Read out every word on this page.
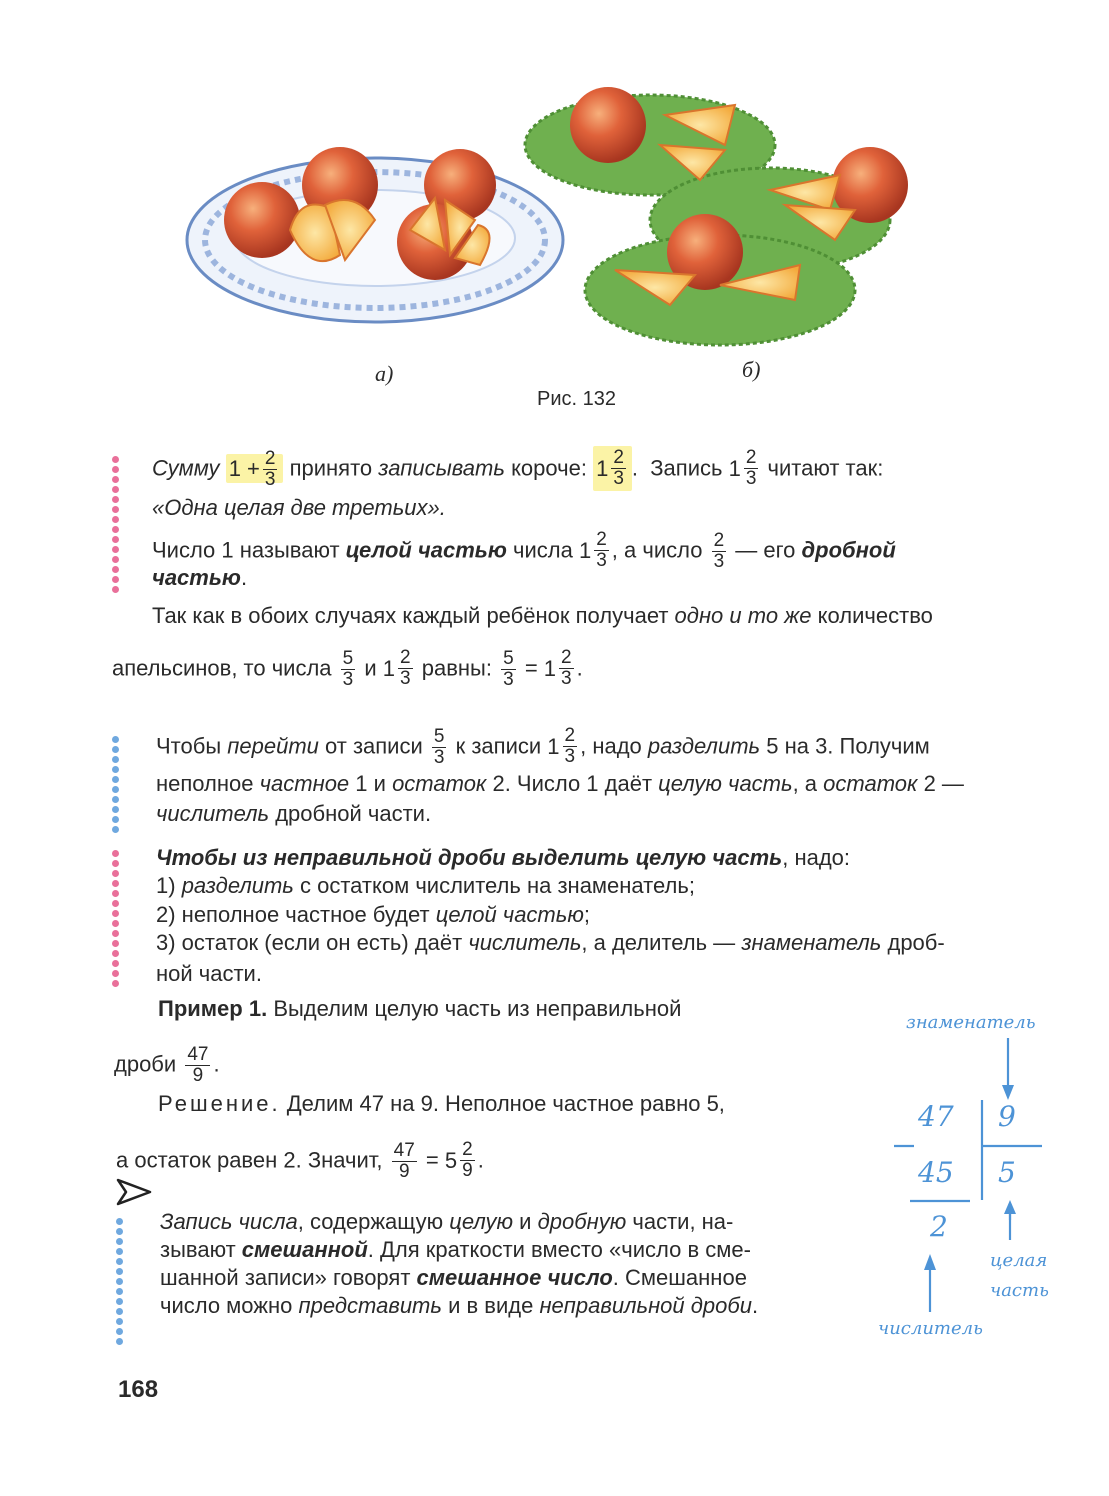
а)	б)
Рис. 132
Сумму $1 + \frac{2}{3}$ принято записывать короче: $1 \frac{2}{3}$ .  Запись $1 \frac{2}{3}$ читают так:
«Одна целая две третьих».
Число 1 называют целой частью числа $1 \frac{2}{3}$ , а число $\frac{2}{3}$ — его дробной
частью.
Так как в обоих случаях каждый ребёнок получает одно и то же количество
апельсинов, то числа $\frac{5}{3}$ и $1 \frac{2}{3}$ равны: $\frac{5}{3} = 1 \frac{2}{3}$ .
Чтобы перейти от записи $\frac{5}{3}$ к записи $1 \frac{2}{3}$ , надо разделить 5 на 3. Получим
неполное частное 1 и остаток 2. Число 1 даёт целую часть, а остаток 2 —
числитель дробной части.
Чтобы из неправильной дроби выделить целую часть, надо:
1) разделить с остатком числитель на знаменатель;
2) неполное частное будет целой частью;
3) остаток (если он есть) даёт числитель, а делитель — знаменатель дроб-
ной части.
Пример 1. Выделим целую часть из неправильной
дроби $\frac{47}{9}$ .
Решение. Делим 47 на 9. Неполное частное равно 5,
а остаток равен 2. Значит, $\frac{47}{9} = 5 \frac{2}{9}$ .
Запись числа, содержащую целую и дробную части, на-
зывают смешанной. Для краткости вместо «число в сме-
шанной записи» говорят смешанное число. Смешанное
число можно представить и в виде неправильной дроби.
знаменатель
47 9
45 5
2
целая
часть
числитель
168
